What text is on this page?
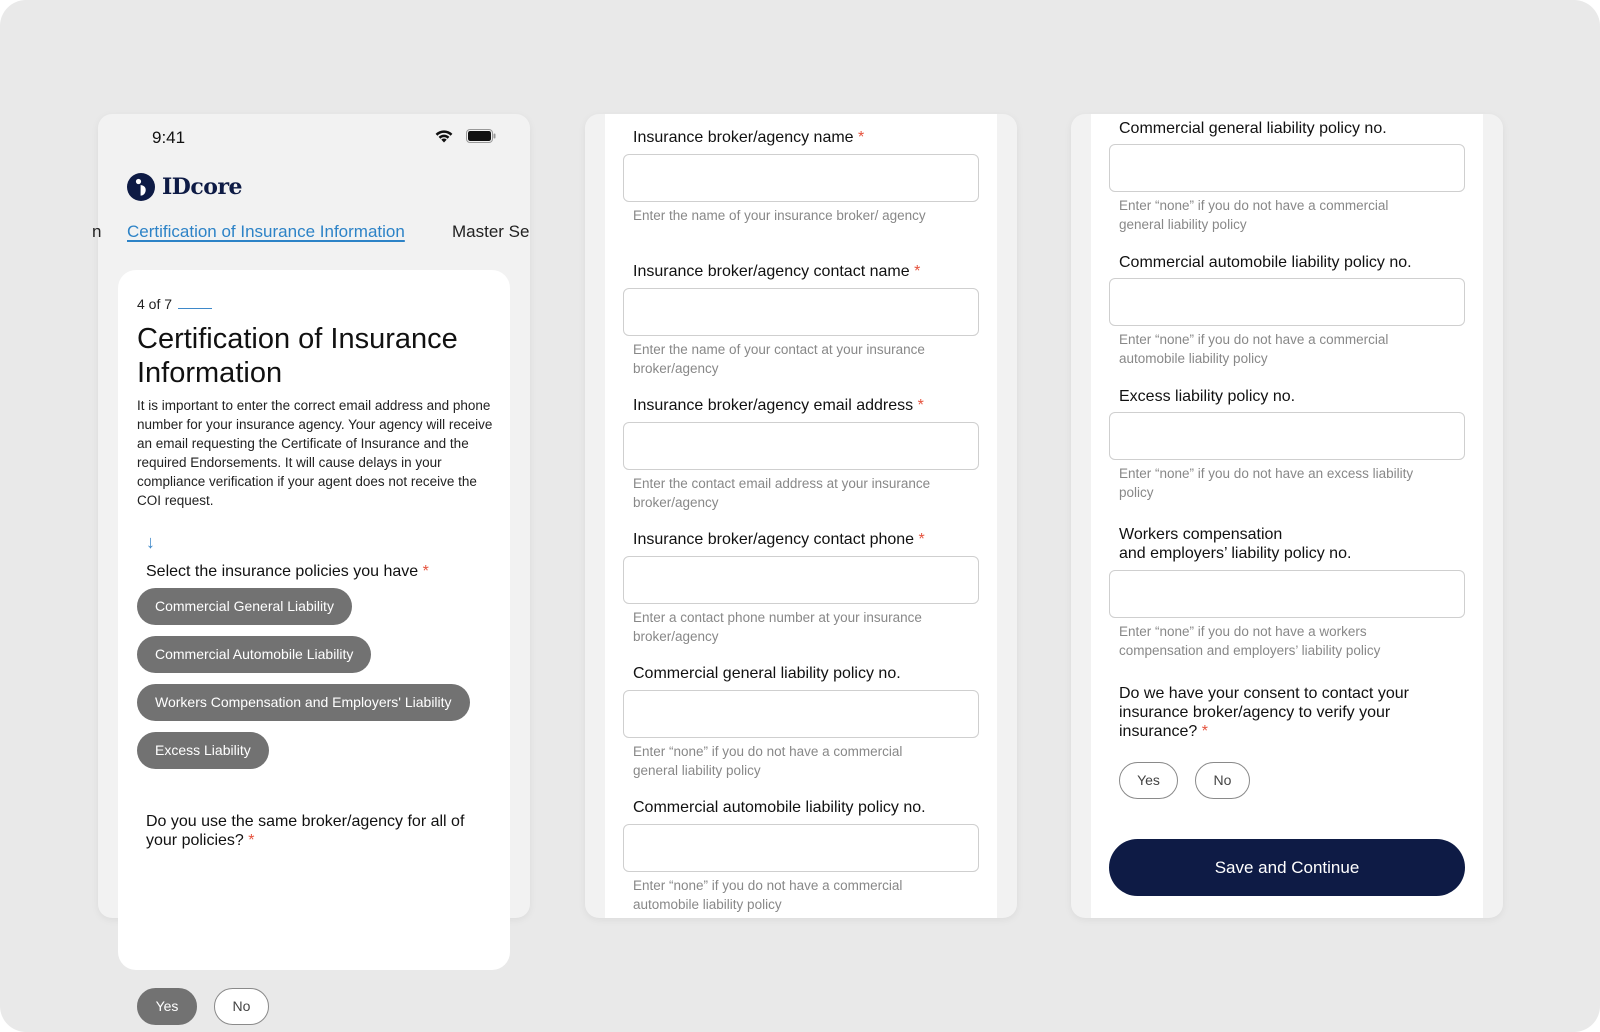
9:41
IDcore
n Certification of Insurance Information	Master Se
4 of 7
Certification of Insurance Information
It is important to enter the correct email address and phone number for your insurance agency. Your agency will receive an email requesting the Certificate of Insurance and the required Endorsements. It will cause delays in your compliance verification if your agent does not receive the COI request.
↓
Select the insurance policies you have *
Commercial General Liability
Commercial Automobile Liability
Workers Compensation and Employers' Liability
Excess Liability
Do you use the same broker/agency for all of your policies? *
Yes	No
Insurance broker/agency name *
Enter the name of your insurance broker/ agency
Insurance broker/agency contact name *
Enter the name of your contact at your insurance broker/agency
Insurance broker/agency email address *
Enter the contact email address at your insurance broker/agency
Insurance broker/agency contact phone *
Enter a contact phone number at your insurance broker/agency
Commercial general liability policy no.
Enter “none” if you do not have a commercial general liability policy
Commercial automobile liability policy no.
Enter “none” if you do not have a commercial automobile liability policy
Commercial general liability policy no.
Enter “none” if you do not have a commercial general liability policy
Commercial automobile liability policy no.
Enter “none” if you do not have a commercial automobile liability policy
Excess liability policy no.
Enter “none” if you do not have an excess liability policy
Workers compensation
and employers’ liability policy no.
Enter “none” if you do not have a workers compensation and employers’ liability policy
Do we have your consent to contact your insurance broker/agency to verify your insurance? *
Yes	No
Save and Continue
